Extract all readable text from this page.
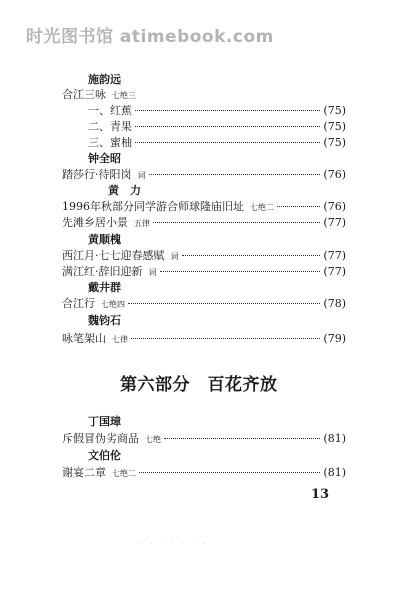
时光图书馆 atimebook.com
施韵远
合江三咏 七绝三
一、红蕉	(75)
二、青果	(75)
三、蜜柚	(75)
钟全昭
踏莎行·待阳岗 词	(76)
黄　力
1996年秋部分同学游合师球隆庙旧址 七绝二	(76)
先滩乡居小景 五律	(77)
黄顺槐
西江月·七七迎春感赋 词	(77)
满江红·辞旧迎新 词	(77)
戴井群
合江行 七绝四	(78)
魏钧石
咏笔架山 七律	(79)
第六部分　百花齐放
丁国璋
斥假冒伪劣商品 七绝	(81)
文伯伦
谢宴二章 七绝二	(81)
13
· · · · · · ·
